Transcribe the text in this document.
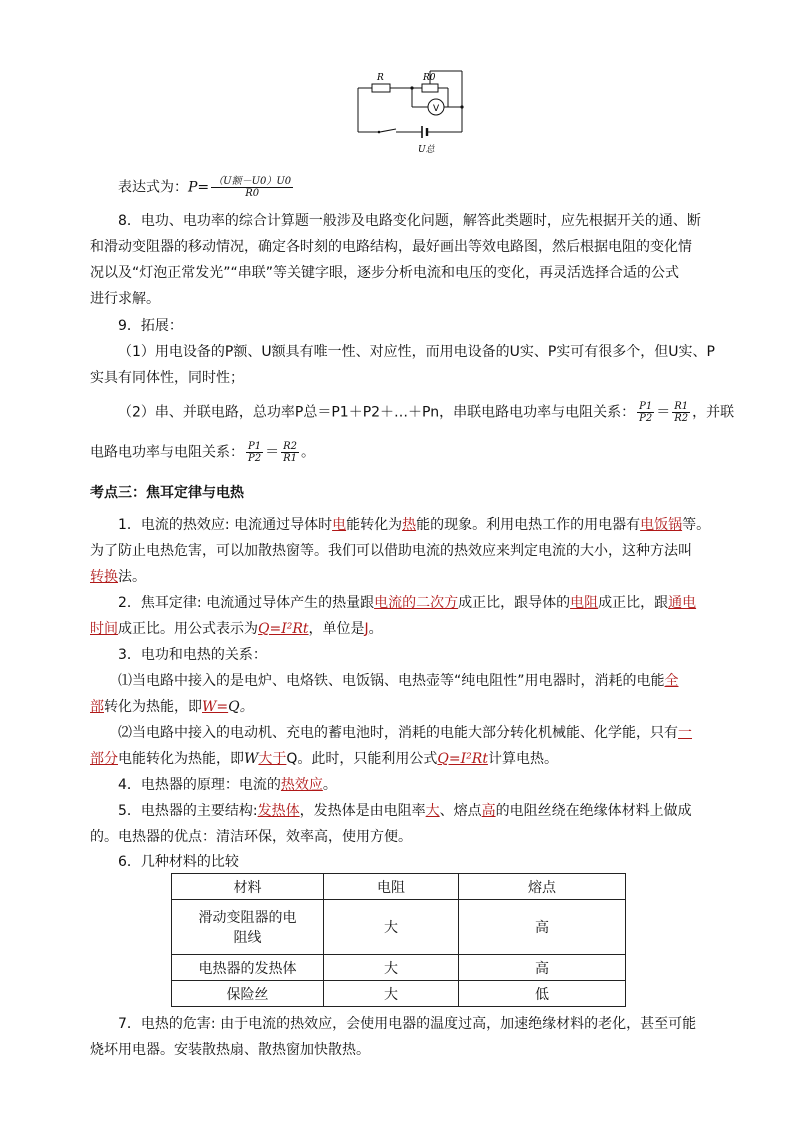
R	R0
V
U总
表达式为：$P= \frac{\text{（U额－U0）U0}}{R0}$
8．电功、电功率的综合计算题一般涉及电路变化问题，解答此类题时，应先根据开关的通、断
和滑动变阻器的移动情况，确定各时刻的电路结构，最好画出等效电路图，然后根据电阻的变化情
况以及“灯泡正常发光”“串联”等关键字眼，逐步分析电流和电压的变化，再灵活选择合适的公式
进行求解。
9．拓展：
（1）用电设备的P额、U额具有唯一性、对应性，而用电设备的U实、P实可有很多个，但U实、P
实具有同体性，同时性；
（2）串、并联电路，总功率P总＝P1＋P2＋…＋Pn，串联电路电功率与电阻关系： $\frac{P1}{P2} = \frac{R1}{R2}$ ，并联
电路电功率与电阻关系： $\frac{P1}{P2} = \frac{R2}{R1}$ 。
考点三：焦耳定律与电热
1．电流的热效应: 电流通过导体时电能转化为热能的现象。利用电热工作的用电器有电饭锅等。
为了防止电热危害，可以加散热窗等。我们可以借助电流的热效应来判定电流的大小，这种方法叫
转换法。
2．焦耳定律: 电流通过导体产生的热量跟电流的二次方成正比，跟导体的电阻成正比，跟通电
时间成正比。用公式表示为Q=I²Rt，单位是J。
3．电功和电热的关系：
⑴当电路中接入的是电炉、电烙铁、电饭锅、电热壶等“纯电阻性”用电器时，消耗的电能全
部转化为热能，即W=Q。
⑵当电路中接入的电动机、充电的蓄电池时，消耗的电能大部分转化机械能、化学能，只有一
部分电能转化为热能，即W大于Q。此时，只能利用公式Q=I²Rt计算电热。
4．电热器的原理：电流的热效应。
5．电热器的主要结构:发热体，发热体是由电阻率大、熔点高的电阻丝绕在绝缘体材料上做成
的。电热器的优点：清洁环保，效率高，使用方便。
6．几种材料的比较
材料	电阻	熔点

滑动变阻器的电
阻线	大	高
电热器的发热体	大	高
保险丝	大	低
7．电热的危害: 由于电流的热效应，会使用电器的温度过高，加速绝缘材料的老化，甚至可能
烧坏用电器。安装散热扇、散热窗加快散热。
